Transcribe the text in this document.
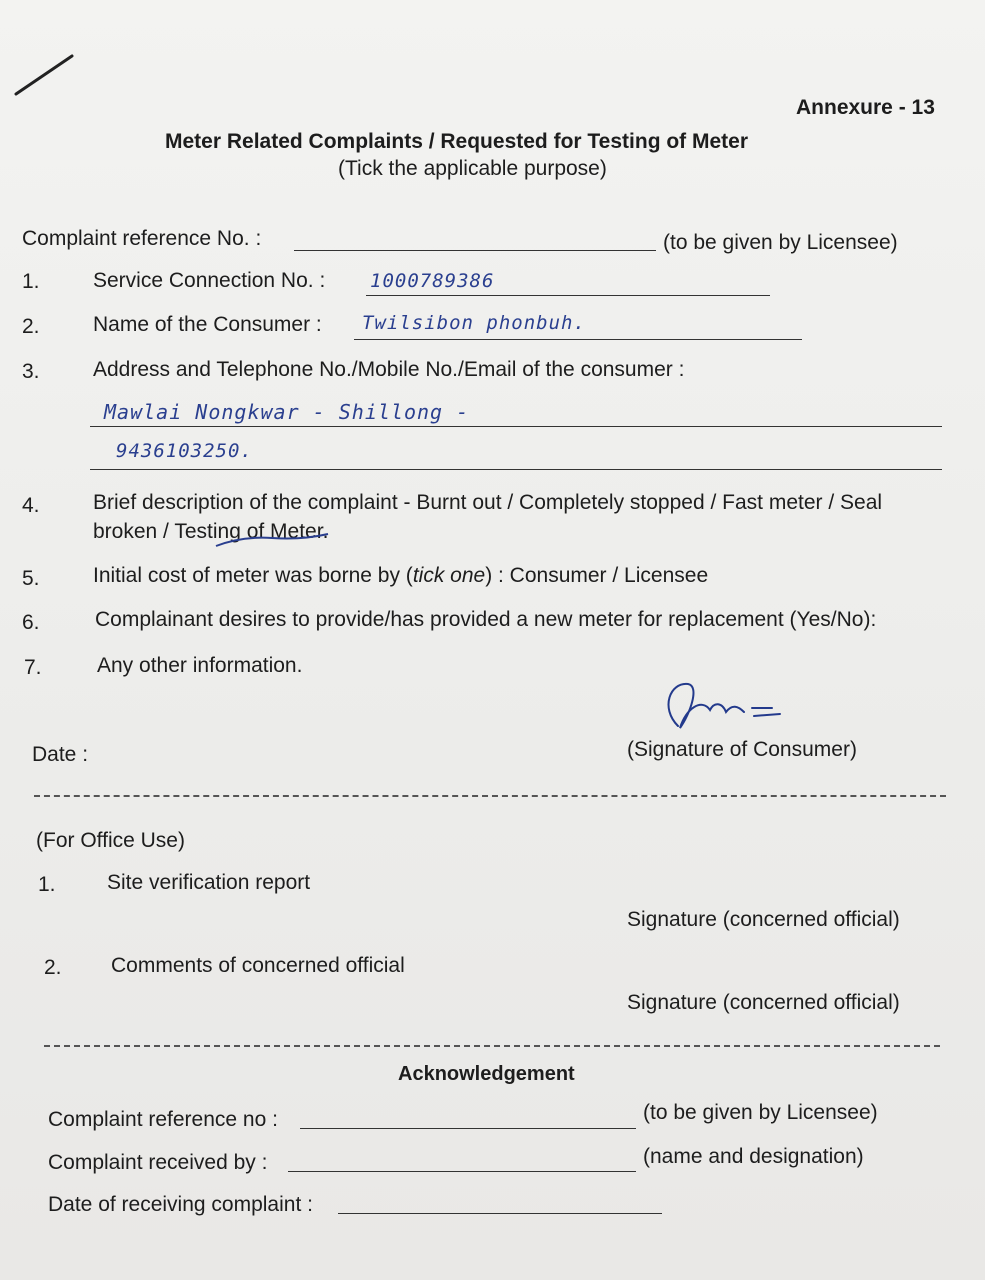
Annexure - 13
Meter Related Complaints / Requested for Testing of Meter
(Tick the applicable purpose)
Complaint reference No. :	(to be given by Licensee)
1.	Service Connection No. : 1000789386
2.	Name of the Consumer : Twilsibon phonbuh.
3.	Address and Telephone No./Mobile No./Email of the consumer :
Mawlai Nongkwar - Shillong -
9436103250.
4.	Brief description of the complaint - Burnt out / Completely stopped / Fast meter / Seal
broken / Testing of Meter.
5.	Initial cost of meter was borne by (tick one) : Consumer / Licensee
6.	Complainant desires to provide/has provided a new meter for replacement (Yes/No):
7.	Any other information.
Date :	(Signature of Consumer)
(For Office Use)
1. Site verification report
Signature (concerned official)
2. Comments of concerned official
Signature (concerned official)
Acknowledgement
Complaint reference no :	(to be given by Licensee)
Complaint received by :	(name and designation)
Date of receiving complaint :
